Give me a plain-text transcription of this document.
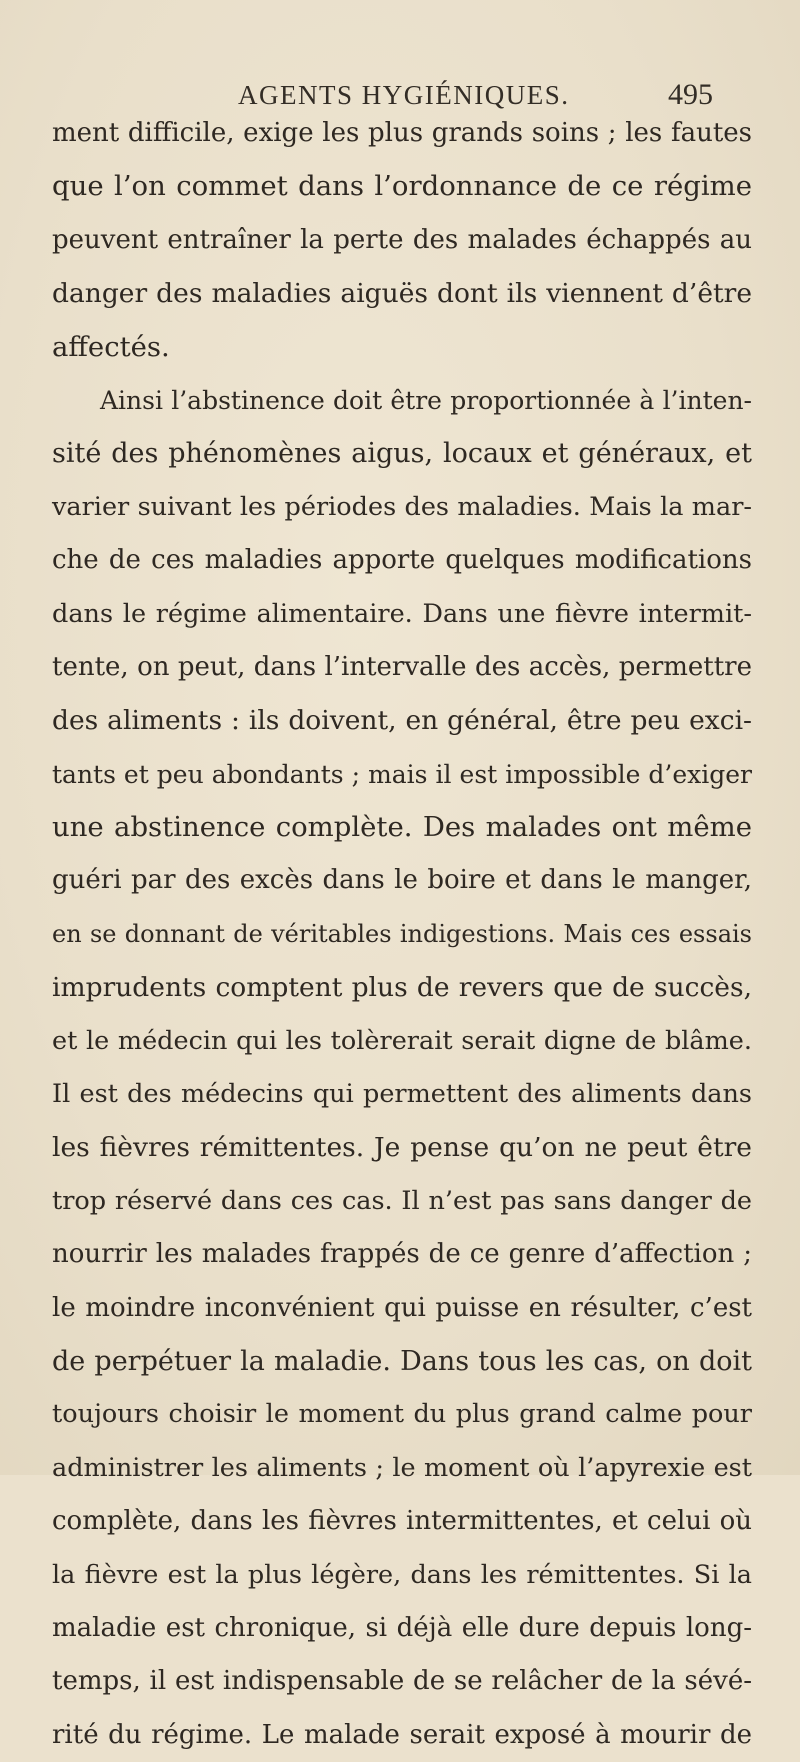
AGENTS HYGIÉNIQUES.	495
ment difficile, exige les plus grands soins ; les fautes
que l’on commet dans l’ordonnance de ce régime
peuvent entraîner la perte des malades échappés au
danger des maladies aiguës dont ils viennent d’être
affectés.
Ainsi l’abstinence doit être proportionnée à l’inten-
sité des phénomènes aigus, locaux et généraux, et
varier suivant les périodes des maladies. Mais la mar-
che de ces maladies apporte quelques modifications
dans le régime alimentaire. Dans une fièvre intermit-
tente, on peut, dans l’intervalle des accès, permettre
des aliments : ils doivent, en général, être peu exci-
tants et peu abondants ; mais il est impossible d’exiger
une abstinence complète. Des malades ont même
guéri par des excès dans le boire et dans le manger,
en se donnant de véritables indigestions. Mais ces essais
imprudents comptent plus de revers que de succès,
et le médecin qui les tolèrerait serait digne de blâme.
Il est des médecins qui permettent des aliments dans
les fièvres rémittentes. Je pense qu’on ne peut être
trop réservé dans ces cas. Il n’est pas sans danger de
nourrir les malades frappés de ce genre d’affection ;
le moindre inconvénient qui puisse en résulter, c’est
de perpétuer la maladie. Dans tous les cas, on doit
toujours choisir le moment du plus grand calme pour
administrer les aliments ; le moment où l’apyrexie est
complète, dans les fièvres intermittentes, et celui où
la fièvre est la plus légère, dans les rémittentes. Si la
maladie est chronique, si déjà elle dure depuis long-
temps, il est indispensable de se relâcher de la sévé-
rité du régime. Le malade serait exposé à mourir de
